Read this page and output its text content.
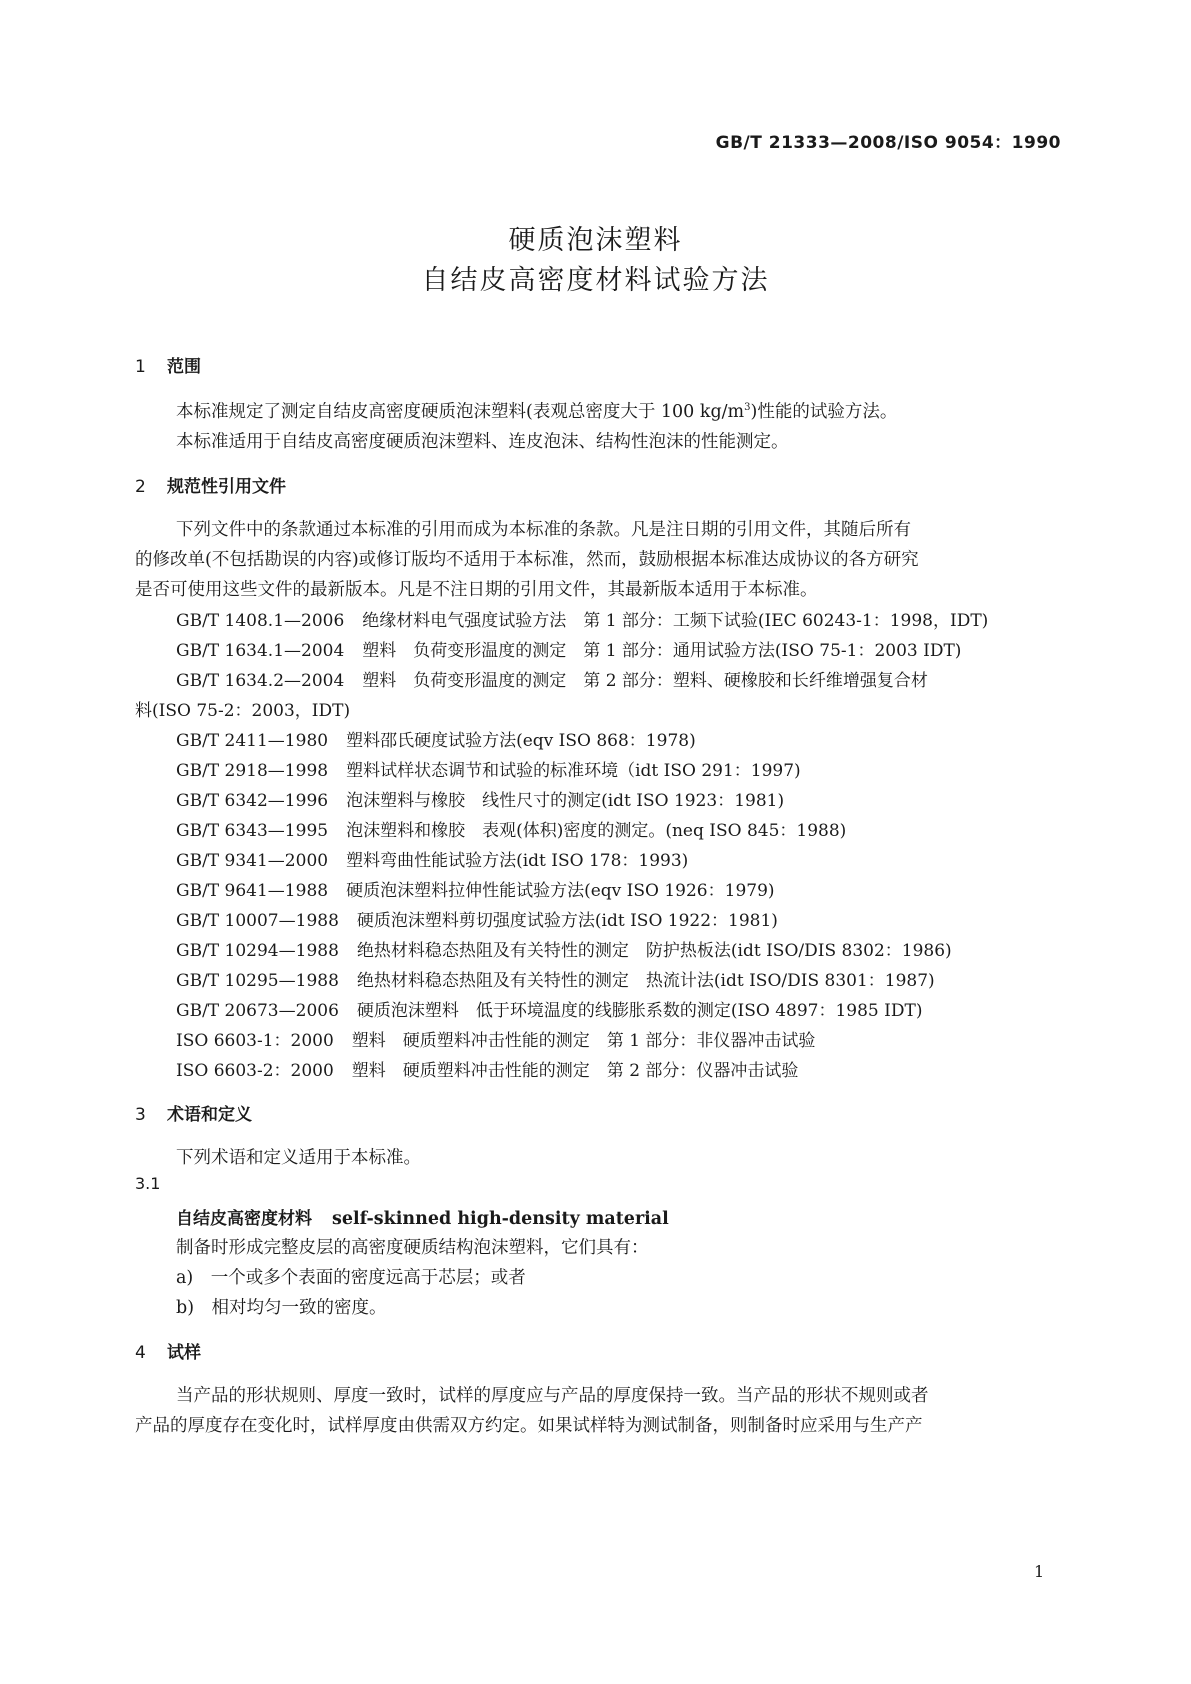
GB/T 21333—2008/ISO 9054：1990
硬质泡沫塑料
自结皮高密度材料试验方法
1 范围
本标准规定了测定自结皮高密度硬质泡沫塑料(表观总密度大于 100 $kg/m^3$)性能的试验方法。
本标准适用于自结皮高密度硬质泡沫塑料、连皮泡沫、结构性泡沫的性能测定。
2 规范性引用文件
下列文件中的条款通过本标准的引用而成为本标准的条款。凡是注日期的引用文件，其随后所有
的修改单(不包括勘误的内容)或修订版均不适用于本标准，然而，鼓励根据本标准达成协议的各方研究
是否可使用这些文件的最新版本。凡是不注日期的引用文件，其最新版本适用于本标准。
GB/T 1408.1—2006 绝缘材料电气强度试验方法　第 1 部分：工频下试验(IEC 60243-1：1998，IDT)
GB/T 1634.1—2004 塑料　负荷变形温度的测定　第 1 部分：通用试验方法(ISO 75-1：2003 IDT)
GB/T 1634.2—2004 塑料　负荷变形温度的测定　第 2 部分：塑料、硬橡胶和长纤维增强复合材
料(ISO 75-2：2003，IDT)
GB/T 2411—1980 塑料邵氏硬度试验方法(eqv ISO 868：1978)
GB/T 2918—1998 塑料试样状态调节和试验的标准环境（idt ISO 291：1997)
GB/T 6342—1996 泡沫塑料与橡胶　线性尺寸的测定(idt ISO 1923：1981)
GB/T 6343—1995 泡沫塑料和橡胶　表观(体积)密度的测定。(neq ISO 845：1988)
GB/T 9341—2000 塑料弯曲性能试验方法(idt ISO 178：1993)
GB/T 9641—1988 硬质泡沫塑料拉伸性能试验方法(eqv ISO 1926：1979)
GB/T 10007—1988 硬质泡沫塑料剪切强度试验方法(idt ISO 1922：1981)
GB/T 10294—1988 绝热材料稳态热阻及有关特性的测定　防护热板法(idt ISO/DIS 8302：1986)
GB/T 10295—1988 绝热材料稳态热阻及有关特性的测定　热流计法(idt ISO/DIS 8301：1987)
GB/T 20673—2006 硬质泡沫塑料　低于环境温度的线膨胀系数的测定(ISO 4897：1985 IDT)
ISO 6603-1：2000 塑料　硬质塑料冲击性能的测定　第 1 部分：非仪器冲击试验
ISO 6603-2：2000 塑料　硬质塑料冲击性能的测定　第 2 部分：仪器冲击试验
3 术语和定义
下列术语和定义适用于本标准。
3.1
自结皮高密度材料 self-skinned high-density material
制备时形成完整皮层的高密度硬质结构泡沫塑料，它们具有：
a)　一个或多个表面的密度远高于芯层；或者
b)　相对均匀一致的密度。
4 试样
当产品的形状规则、厚度一致时，试样的厚度应与产品的厚度保持一致。当产品的形状不规则或者
产品的厚度存在变化时，试样厚度由供需双方约定。如果试样特为测试制备，则制备时应采用与生产产
1
